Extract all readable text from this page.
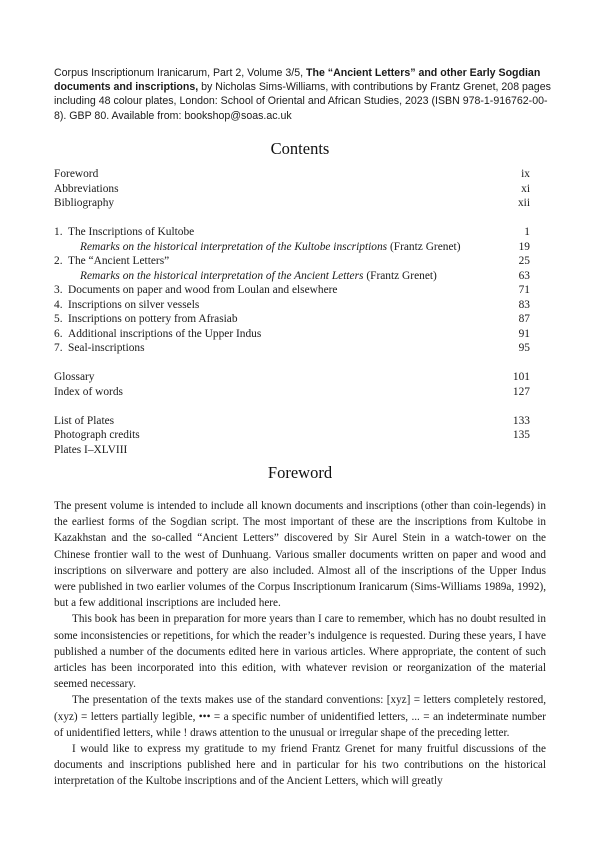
Corpus Inscriptionum Iranicarum, Part 2, Volume 3/5, The “Ancient Letters” and other Early Sogdian documents and inscriptions, by Nicholas Sims-Williams, with contributions by Frantz Grenet, 208 pages including 48 colour plates, London: School of Oriental and African Studies, 2023 (ISBN 978-1-916762-00-8). GBP 80. Available from: bookshop@soas.ac.uk
Contents
Foreword	ix
Abbreviations	xi
Bibliography	xii
1. The Inscriptions of Kultobe	1
Remarks on the historical interpretation of the Kultobe inscriptions (Frantz Grenet)	19
2. The “Ancient Letters”	25
Remarks on the historical interpretation of the Ancient Letters (Frantz Grenet)	63
3. Documents on paper and wood from Loulan and elsewhere	71
4. Inscriptions on silver vessels	83
5. Inscriptions on pottery from Afrasiab	87
6. Additional inscriptions of the Upper Indus	91
7. Seal-inscriptions	95
Glossary	101
Index of words	127
List of Plates	133
Photograph credits	135
Plates I–XLVIII
Foreword

The present volume is intended to include all known documents and inscriptions (other than coin-legends) in the earliest forms of the Sogdian script. The most important of these are the inscriptions from Kultobe in Kazakhstan and the so-called “Ancient Letters” discovered by Sir Aurel Stein in a watch-tower on the Chinese frontier wall to the west of Dunhuang. Various smaller documents written on paper and wood and inscriptions on silverware and pottery are also included. Almost all of the inscriptions of the Upper Indus were published in two earlier volumes of the Corpus Inscriptionum Iranicarum (Sims-Williams 1989a, 1992), but a few additional inscriptions are included here.

This book has been in preparation for more years than I care to remember, which has no doubt resulted in some inconsistencies or repetitions, for which the reader’s indulgence is requested. During these years, I have published a number of the documents edited here in various articles. Where appropriate, the content of such articles has been incorporated into this edition, with whatever revision or reorganization of the material seemed necessary.

The presentation of the texts makes use of the standard conventions: [xyz] = letters completely restored, (xyz) = letters partially legible, ••• = a specific number of unidentified letters, ... = an indeterminate number of unidentified letters, while ! draws attention to the unusual or irregular shape of the preceding letter.

I would like to express my gratitude to my friend Frantz Grenet for many fruitful discussions of the documents and inscriptions published here and in particular for his two contributions on the historical interpretation of the Kultobe inscriptions and of the Ancient Letters, which will greatly
